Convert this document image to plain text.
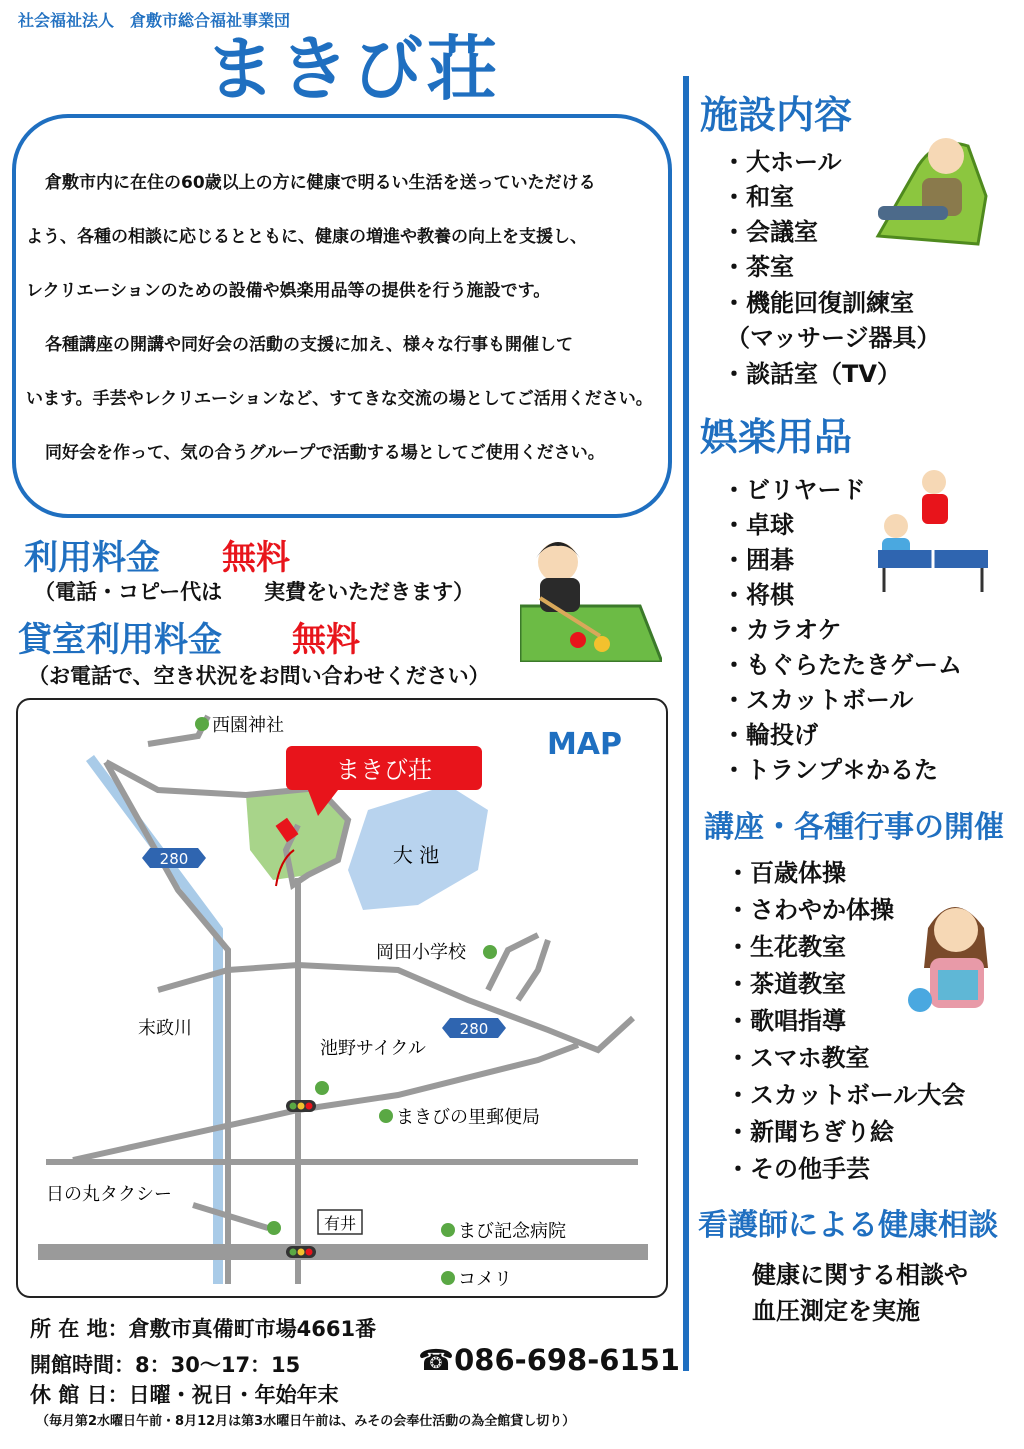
社会福祉法人　倉敷市総合福祉事業団
まきび荘
　倉敷市内に在住の60歳以上の方に健康で明るい生活を送っていただける
よう、各種の相談に応じるとともに、健康の増進や教養の向上を支援し、
レクリエーションのための設備や娯楽用品等の提供を行う施設です。
　各種講座の開講や同好会の活動の支援に加え、様々な行事も開催して
います。手芸やレクリエーションなど、すてきな交流の場としてご活用ください。
　同好会を作って、気の合うグループで活動する場としてご使用ください。
利用料金 無料
（電話・コピー代は　　実費をいただきます）
貸室利用料金 無料
（お電話で、空き状況をお問い合わせください）
280
280
まきび荘
MAP
大 池
末政川
西園神社
岡田小学校
池野サイクル
まきびの里郵便局
日の丸タクシー
まび記念病院
コメリ
有井
所 在 地：倉敷市真備町市場4661番
開館時間：8：30～17：15	☎086-698-6151
休 館 日：日曜・祝日・年始年末
（毎月第2水曜日午前・8月12月は第3水曜日午前は、みその会奉仕活動の為全館貸し切り）
施設内容
・大ホール
・和室
・会議室
・茶室
・機能回復訓練室
（マッサージ器具）
・談話室（TV）
娯楽用品
・ビリヤード
・卓球
・囲碁
・将棋
・カラオケ
・もぐらたたきゲーム
・スカットボール
・輪投げ
・トランプ＊かるた
講座・各種行事の開催
・百歳体操
・さわやか体操
・生花教室
・茶道教室
・歌唱指導
・スマホ教室
・スカットボール大会
・新聞ちぎり絵
・その他手芸
看護師による健康相談
健康に関する相談や
血圧測定を実施
